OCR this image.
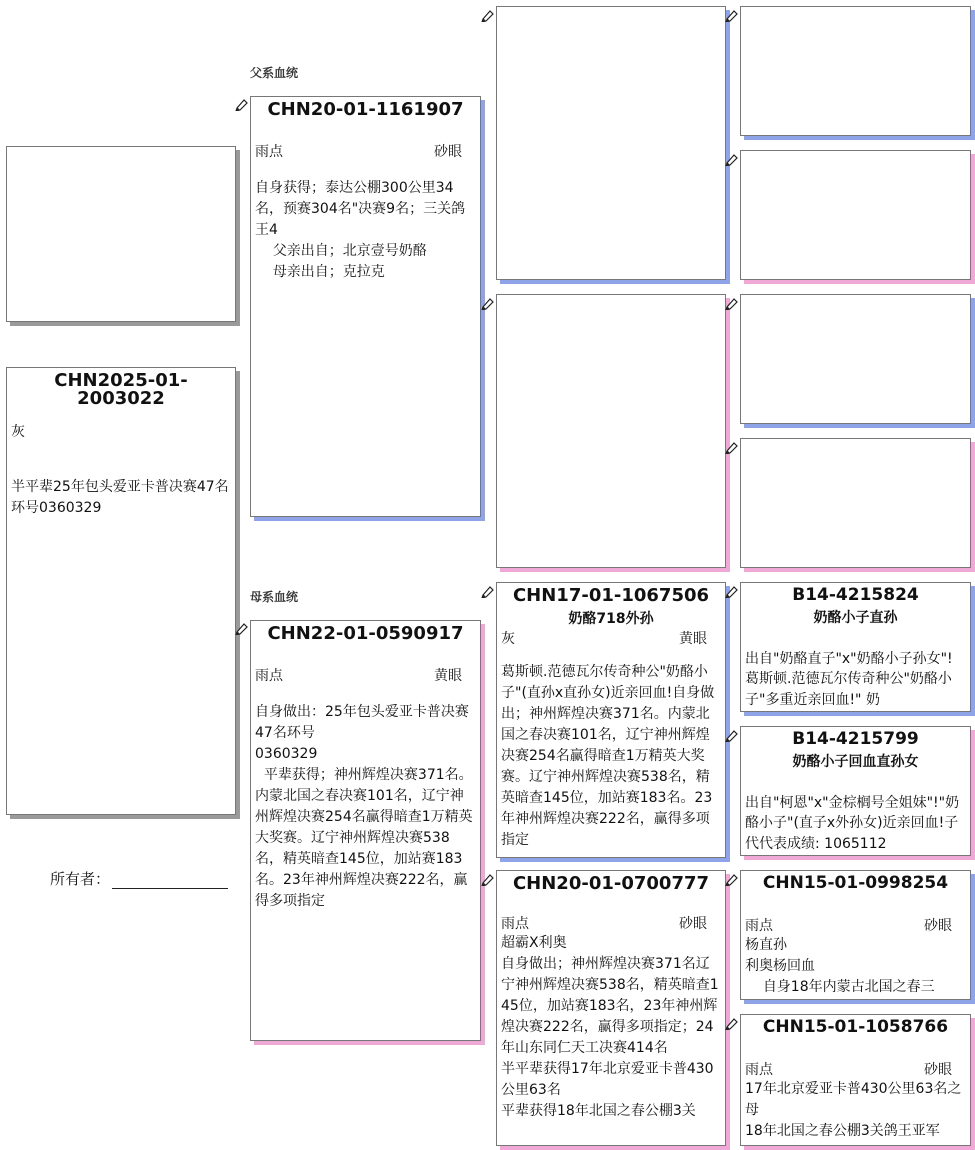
父系血统
母系血统
CHN2025-01-2003022
灰
半平辈25年包头爱亚卡普决赛47名环号0360329
所有者：
CHN20-01-1161907
雨点	砂眼
自身获得；泰达公棚300公里34名，预赛304名"决赛9名；三关鸽王4
父亲出自；北京壹号奶酪
母亲出自；克拉克
CHN22-01-0590917
雨点	黄眼
自身做出：25年包头爱亚卡普决赛47名环号
0360329
平辈获得；神州辉煌决赛371名。内蒙北国之春决赛101名，辽宁神州辉煌决赛254名赢得暗查1万精英大奖赛。辽宁神州辉煌决赛538名，精英暗查145位，加站赛183名。23年神州辉煌决赛222名，赢得多项指定
CHN17-01-1067506
奶酪718外孙
灰	黄眼
葛斯顿.范德瓦尔传奇种公"奶酪小子"(直孙x直孙女)近亲回血!自身做出；神州辉煌决赛371名。内蒙北国之春决赛101名，辽宁神州辉煌决赛254名赢得暗查1万精英大奖赛。辽宁神州辉煌决赛538名，精英暗查145位，加站赛183名。23年神州辉煌决赛222名，赢得多项指定
CHN20-01-0700777
雨点	砂眼
超霸X利奥
自身做出；神州辉煌决赛371名辽宁神州辉煌决赛538名，精英暗查145位，加站赛183名，23年神州辉煌决赛222名，赢得多项指定；24年山东同仁天工决赛414名
半平辈获得17年北京爱亚卡普430公里63名
平辈获得18年北国之春公棚3关
B14-4215824
奶酪小子直孙
出自"奶酪直子"x"奶酪小子孙女"!葛斯顿.范德瓦尔传奇种公"奶酪小子"多重近亲回血!" 奶
B14-4215799
奶酪小子回血直孙女
出自"柯恩"x"金棕榈号全姐妹"!"奶酪小子"(直子x外孙女)近亲回血!子代代表成绩: 1065112
CHN15-01-0998254
雨点	砂眼
杨直孙
利奥杨回血
自身18年内蒙古北国之春三
CHN15-01-1058766
雨点	砂眼
17年北京爱亚卡普430公里63名之母
18年北国之春公棚3关鸽王亚军
